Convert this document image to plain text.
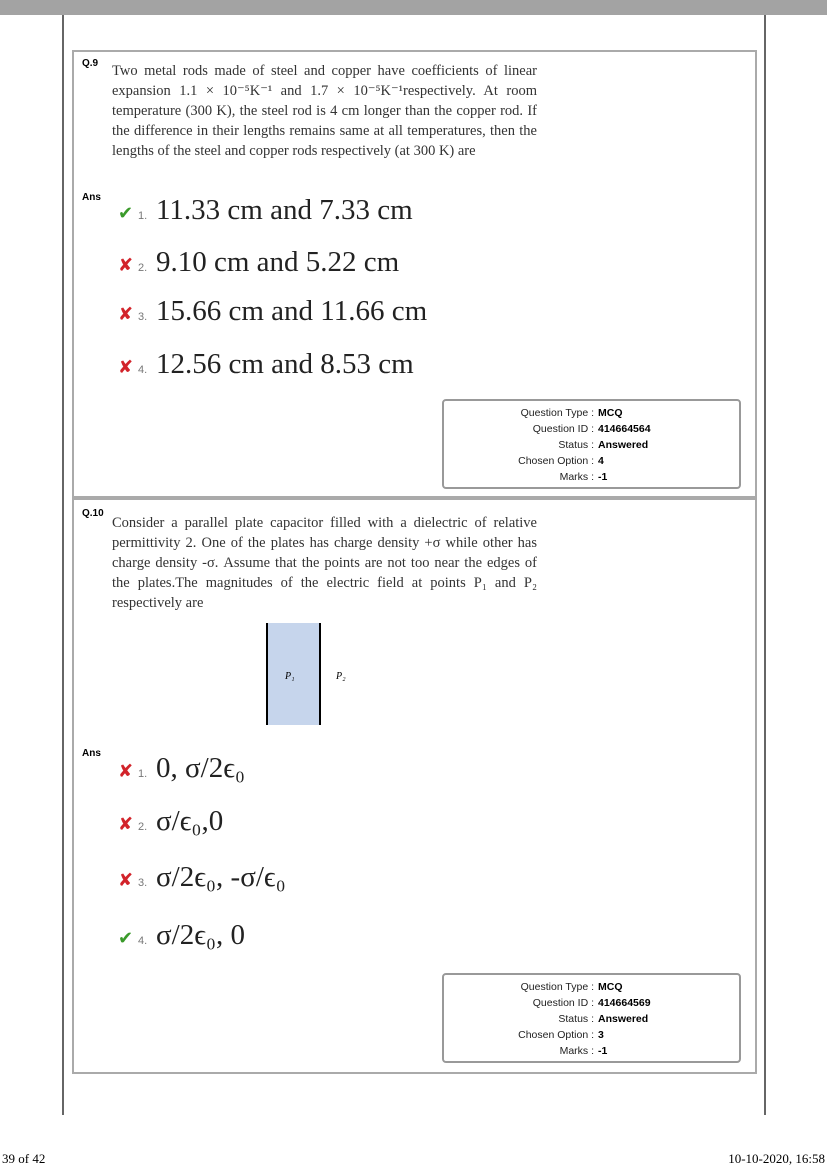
Q.9 Two metal rods made of steel and copper have coefficients of linear expansion 1.1 × 10⁻⁵K⁻¹ and 1.7 × 10⁻⁵K⁻¹respectively. At room temperature (300 K), the steel rod is 4 cm longer than the copper rod. If the difference in their lengths remains same at all temperatures, then the lengths of the steel and copper rods respectively (at 300 K) are
Ans
Question Type : MCQ
Question ID : 414664564
Status : Answered
Chosen Option : 4
Marks : -1
✔ 1. 11.33 cm and 7.33 cm
✘ 2. 9.10 cm and 5.22 cm
✘ 3. 15.66 cm and 11.66 cm
✘ 4. 12.56 cm and 8.53 cm
Q.10
Consider a parallel plate capacitor filled with a dielectric of relative permittivity 2. One of the plates has charge density +σ while other has charge density -σ. Assume that the points are not too near the edges of the plates.The magnitudes of the electric field at points P₁ and P₂ respectively are
P₁	P₂
Ans
Question Type : MCQ
Question ID : 414664569
Status : Answered
Chosen Option : 3
Marks : -1
✘ 1. 0, σ/2ϵ₀
✘ 2. σ/ϵ₀,0
✘ 3. σ/2ϵ₀, -σ/ϵ₀
✔ 4. σ/2ϵ₀, 0
39 of 42	10-10-2020, 16:58
